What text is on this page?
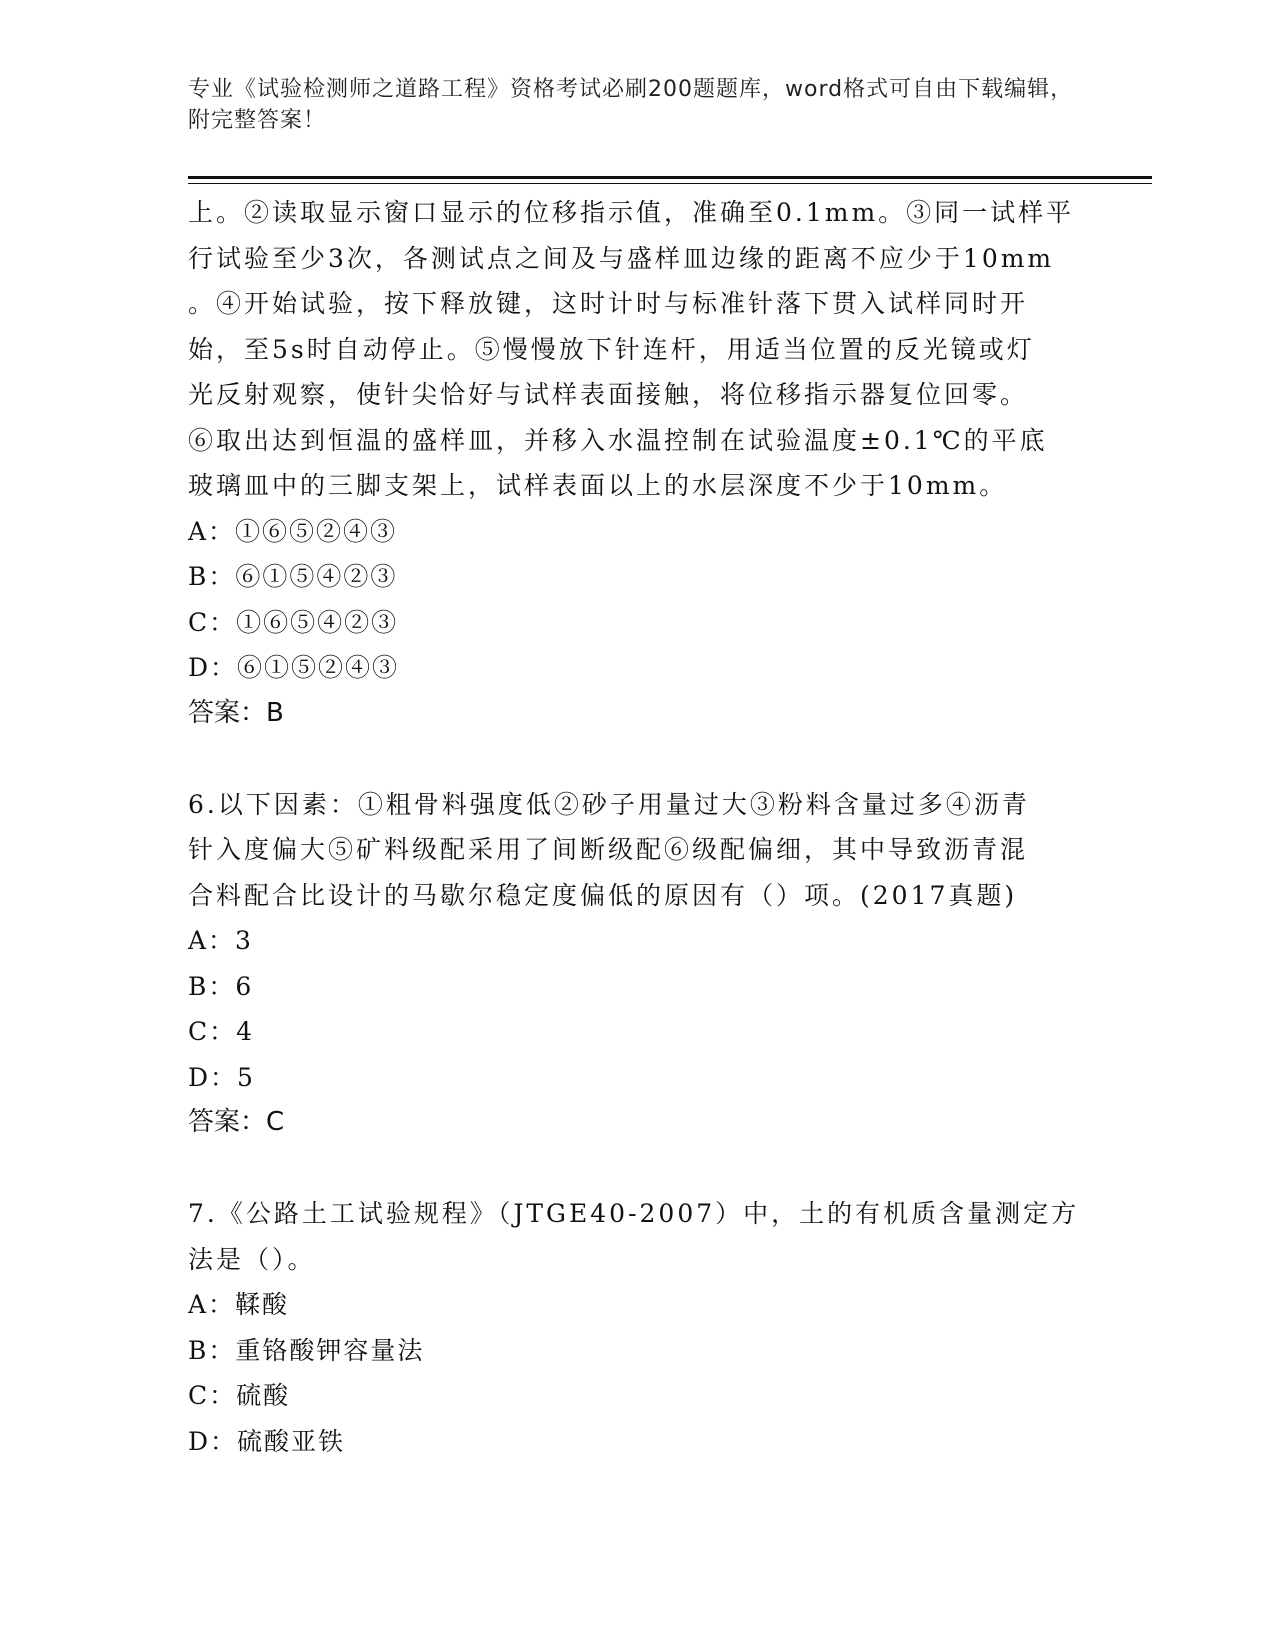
专业《试验检测师之道路工程》资格考试必刷200题题库，word格式可自由下载编辑，附完整答案！

上。②读取显示窗口显示的位移指示值，准确至0.1mm。③同一试样平

行试验至少3次，各测试点之间及与盛样皿边缘的距离不应少于10mm

。④开始试验，按下释放键，这时计时与标准针落下贯入试样同时开

始，至5s时自动停止。⑤慢慢放下针连杆，用适当位置的反光镜或灯

光反射观察，使针尖恰好与试样表面接触，将位移指示器复位回零。

⑥取出达到恒温的盛样皿，并移入水温控制在试验温度±0.1℃的平底

玻璃皿中的三脚支架上，试样表面以上的水层深度不少于10mm。

A：①⑥⑤②④③

B：⑥①⑤④②③

C：①⑥⑤④②③

D：⑥①⑤②④③

答案：B

6.以下因素：①粗骨料强度低②砂子用量过大③粉料含量过多④沥青

针入度偏大⑤矿料级配采用了间断级配⑥级配偏细，其中导致沥青混

合料配合比设计的马歇尔稳定度偏低的原因有（）项。(2017真题)

A：3

B：6

C：4

D：5

答案：C

7.《公路土工试验规程》（JTGE40-2007）中，土的有机质含量测定方

法是（）。

A：鞣酸

B：重铬酸钾容量法

C：硫酸

D：硫酸亚铁
